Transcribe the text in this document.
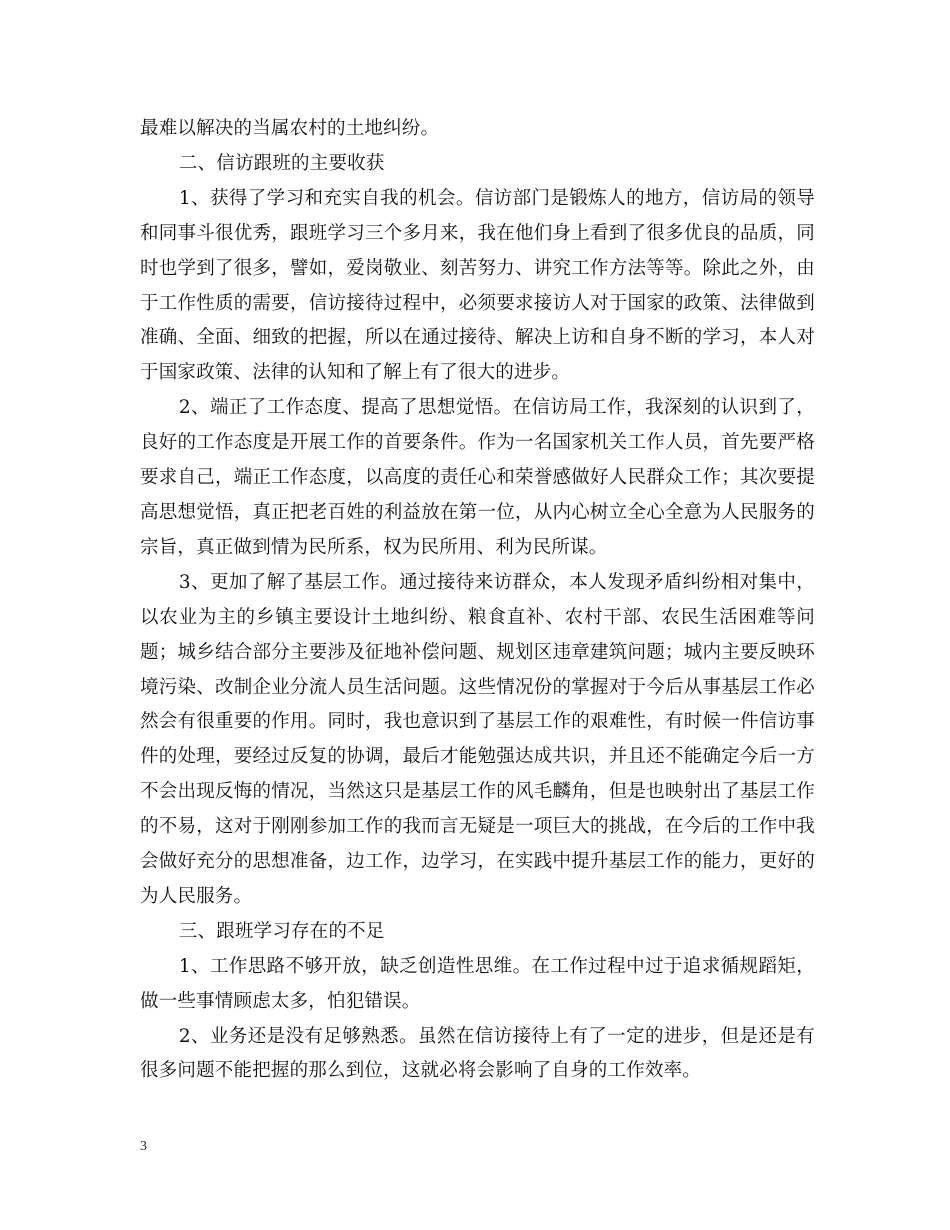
最难以解决的当属农村的土地纠纷。

二、信访跟班的主要收获

1、获得了学习和充实自我的机会。信访部门是锻炼人的地方，信访局的领导和同事斗很优秀，跟班学习三个多月来，我在他们身上看到了很多优良的品质，同时也学到了很多，譬如，爱岗敬业、刻苦努力、讲究工作方法等等。除此之外，由于工作性质的需要，信访接待过程中，必须要求接访人对于国家的政策、法律做到准确、全面、细致的把握，所以在通过接待、解决上访和自身不断的学习，本人对于国家政策、法律的认知和了解上有了很大的进步。

2、端正了工作态度、提高了思想觉悟。在信访局工作，我深刻的认识到了，良好的工作态度是开展工作的首要条件。作为一名国家机关工作人员，首先要严格要求自己，端正工作态度，以高度的责任心和荣誉感做好人民群众工作；其次要提高思想觉悟，真正把老百姓的利益放在第一位，从内心树立全心全意为人民服务的宗旨，真正做到情为民所系，权为民所用、利为民所谋。

3、更加了解了基层工作。通过接待来访群众，本人发现矛盾纠纷相对集中，以农业为主的乡镇主要设计土地纠纷、粮食直补、农村干部、农民生活困难等问题；城乡结合部分主要涉及征地补偿问题、规划区违章建筑问题；城内主要反映环境污染、改制企业分流人员生活问题。这些情况份的掌握对于今后从事基层工作必然会有很重要的作用。同时，我也意识到了基层工作的艰难性，有时候一件信访事件的处理，要经过反复的协调，最后才能勉强达成共识，并且还不能确定今后一方不会出现反悔的情况，当然这只是基层工作的风毛麟角，但是也映射出了基层工作的不易，这对于刚刚参加工作的我而言无疑是一项巨大的挑战，在今后的工作中我会做好充分的思想准备，边工作，边学习，在实践中提升基层工作的能力，更好的为人民服务。

三、跟班学习存在的不足

1、工作思路不够开放，缺乏创造性思维。在工作过程中过于追求循规蹈矩，做一些事情顾虑太多，怕犯错误。

2、业务还是没有足够熟悉。虽然在信访接待上有了一定的进步，但是还是有很多问题不能把握的那么到位，这就必将会影响了自身的工作效率。

3
